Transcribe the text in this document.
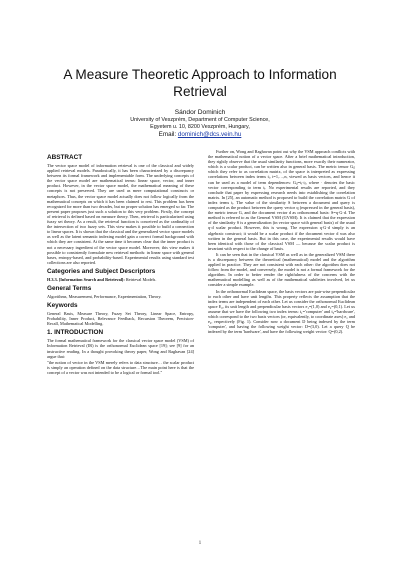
A Measure Theoretic Approach to Information Retrieval
Sándor Dominich
University of Veszprém, Department of Computer Science,
Egyetem u. 10, 8200 Veszprém, Hungary,
Email: dominich@dcs.vein.hu
ABSTRACT

The vector space model of information retrieval is one of the classical and widely applied retrieval models. Paradoxically, it has been characterized by a discrepancy between its formal framework and implementable form. The underlying concepts of the vector space model are mathematical terms: linear space, vector, and inner product. However, in the vector space model, the mathematical meaning of these concepts is not preserved. They are used as mere computational constructs or metaphors. Thus, the vector space model actually does not follow logically from the mathematical concepts on which it has been claimed to rest. This problem has been recognized for more than two decades, but no proper solution has emerged so far. The present paper proposes just such a solution to this very problem. Firstly, the concept of retrieval is defined based on measure theory. Then, retrieval is particularized using fuzzy set theory. As a result, the retrieval function is conceived as the cardinality of the intersection of two fuzzy sets. This view makes it possible to build a connection to linear spaces. It is shown that the classical and the generalized vector space models as well as the latent semantic indexing model gain a correct formal background with which they are consistent. At the same time it becomes clear that the inner product is not a necessary ingredient of the vector space model. Moreover, this view makes it possible to consistently formulate new retrieval methods: in linear space with general bases, entropy-based, and probability-based. Experimental results using standard test collections are also reported.

Categories and Subject Descriptors

H.3.3. [Information Search and Retrieval]: Retrieval Models.

General Terms

Algorithms, Measurement, Performance, Experimentation, Theory.

Keywords

General Basis, Measure Theory, Fuzzy Set Theory, Linear Space, Entropy, Probability, Inner Product, Relevance Feedback, Recursion Theorem, Precision-Recall, Mathematical Modelling.

1. INTRODUCTION

The formal mathematical framework for the classical vector space model (VSM) of Information Retrieval (IR) is the orthonormal Euclidean space [19]; see [9] for an instructive reading. In a thought provoking theory paper, Wong and Raghavan [24] argue that:

"the notion of vector in the VSM merely refers to data structure… the scalar product is simply an operation defined on the data structure…The main point here is that the concept of a vector was not intended to be a logical or formal tool."

Further on, Wong and Raghavan point out why the VSM approach conflicts with the mathematical notion of a vector space. After a brief mathematical introduction, they rightly observe that the usual similarity functions, more exactly their numerator, which is a scalar product, can be written also in general basis. The metric tensor Gᵢⱼ which they refer to as correlation matrix, of the space is interpreted as expressing correlations between index terms tᵢ, i=1,…,n, viewed as basis vectors, and hence it can be used as a model of term dependences: Gᵢⱼ=tᵢ·tⱼ, where · denotes the basic vector corresponding to term tᵢ. No experimental results are reported, and they conclude that paper by expressing research needs into establishing the correlation matrix. In [25], an automatic method is proposed to build the correlation matrix G of index terms tᵢ. The value of the similarity S between a document and query is computed as the product between the query vector q (expressed in the general basis), the metric tensor G, and the document vector d as orthonormal basis: S=q·G·d. The method is referred to as the General VSM (GVSM). It is claimed that the expression of the similarity S is a generalization (in vector space with general basis) of the usual q·d scalar product. However, this is wrong. The expression q·G·d simply is an algebraic construct; it would be a scalar product if the document vector d was also written in the general basis. But in this case, the experimental results would have been identical with those of the classical VSM — because the scalar product is invariant with respect to the change of basis.

It can be seen that in the classical VSM as well as in the generalized VSM there is a discrepancy between the theoretical (mathematical) model and the algorithm applied in practice. They are not consistent with each other: the algorithm does not follow from the model, and conversely, the model is not a formal framework for the algorithm. In order to better render the rightfulness of the concerns with the mathematical modelling as well as of the mathematical subtleties involved, let us consider a simple example.

In the orthonormal Euclidean space, the basis vectors are pair-wise perpendicular to each other and have unit lengths. This property reflects the assumption that the index terms are independent of each other. Let us consider the orthonormal Euclidean space E₂, its unit length and perpendicular basis vectors e₁=(1,0) and e₂=(0,1). Let us assume that we have the following two index terms: t₁='computer' and t₂='hardware', which correspond to the two basis vectors (or, equivalently, to coordinate axes) e₁ and e₂, respectively (Fig. 1). Consider now a document D being indexed by the term 'computer', and having the following weight vector: D=(3,0). Let a query Q be indexed by the term 'hardware', and have the following weight vector: Q=(0,2).

1
